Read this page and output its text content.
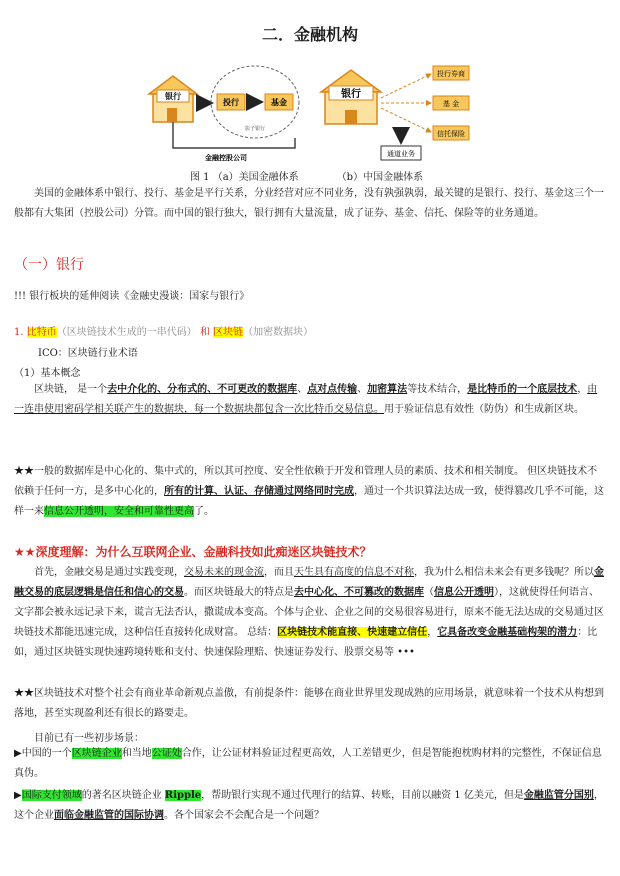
二．金融机构
银行
投行	基金
影子银行
金融控股公司
银行
投行券商
基 金
信托保险
通道业务
图 1 （a）美国金融体系	（b）中国金融体系
美国的金融体系中银行、投行、基金是平行关系，分业经营对应不同业务，没有孰强孰弱，最关键的是银行、投行、基金这三个一般都有大集团（控股公司）分管。而中国的银行独大，银行拥有大量流量，成了证券、基金、信托、保险等的业务通道。
（一）银行
!!! 银行板块的延伸阅读《金融史漫谈：国家与银行》
1. 比特币（区块链技术生成的一串代码） 和 区块链（加密数据块）
ICO：区块链行业术语
（1）基本概念
区块链， 是一个去中介化的、分布式的、不可更改的数据库、点对点传输、加密算法等技术结合，是比特币的一个底层技术，由一连串使用密码学相关联产生的数据块，每一个数据块都包含一次比特币交易信息。用于验证信息有效性（防伪）和生成新区块。
★★一般的数据库是中心化的、集中式的，所以其可控度、安全性依赖于开发和管理人员的素质、技术和相关制度。 但区块链技术不依赖于任何一方，是多中心化的，所有的计算、认证、存储通过网络同时完成，通过一个共识算法达成一致，使得篡改几乎不可能，这样一来信息公开透明，安全和可靠性更高了。
★★深度理解：为什么互联网企业、金融科技如此痴迷区块链技术？
首先，金融交易是通过实践变现，交易未来的现金流，而且天生具有高度的信息不对称，我为什么相信未来会有更多钱呢？所以金融交易的底层逻辑是信任和信心的交易。而区块链最大的特点是去中心化、不可篡改的数据库（信息公开透明），这就使得任何语言、文字都会被永远记录下来，谎言无法否认，撒谎成本变高。个体与企业、企业之间的交易很容易进行，原来不能无法达成的交易通过区块链技术都能迅速完成，这种信任直接转化成财富。 总结：区块链技术能直接、快速建立信任，它具备改变金融基础构架的潜力：比如，通过区块链实现快速跨境转账和支付、快速保险理赔、快速证券发行、股票交易等 •••
★★区块链技术对整个社会有商业革命新观点盖傲，有前提条件：能够在商业世界里发现成熟的应用场景，就意味着一个技术从构想到落地，甚至实现盈利还有很长的路要走。
目前已有一些初步场景：
▶中国的一个区块链企业和当地公证处合作，让公证材料验证过程更高效，人工差错更少，但是智能抱枕购材料的完整性，不保证信息真伪。
▶国际支付领域的著名区块链企业 Ripple，帮助银行实现不通过代理行的结算、转账，目前以融资 1 亿美元，但是金融监管分国别，这个企业面临金融监管的国际协调。各个国家会不会配合是一个问题？
